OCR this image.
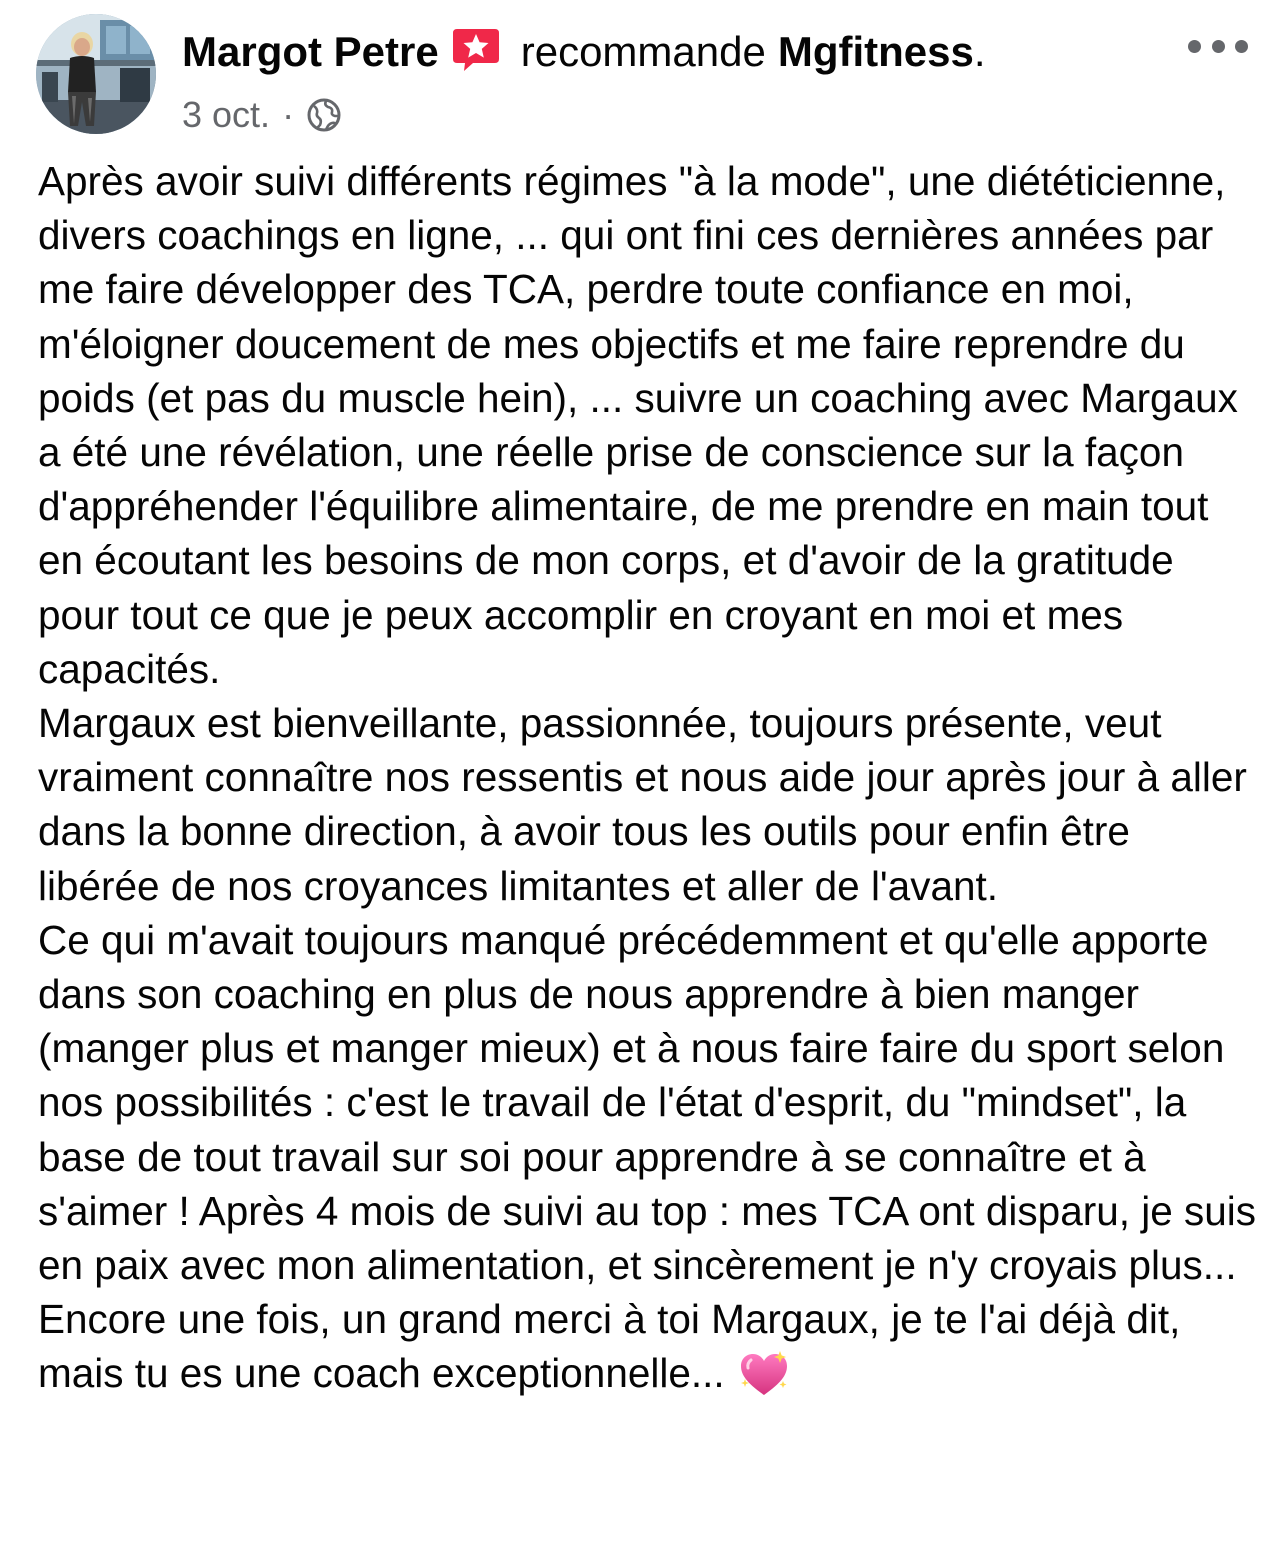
Margot Petre recommande Mgfitness .
3 oct. ·

Après avoir suivi différents régimes "à la mode", une diététicienne, divers coachings en ligne, ... qui ont fini ces dernières années par me faire développer des TCA, perdre toute confiance en moi, m'éloigner doucement de mes objectifs et me faire reprendre du poids (et pas du muscle hein), ... suivre un coaching avec Margaux a été une révélation, une réelle prise de conscience sur la façon d'appréhender l'équilibre alimentaire, de me prendre en main tout en écoutant les besoins de mon corps, et d'avoir de la gratitude pour tout ce que je peux accomplir en croyant en moi et mes capacités.

Margaux est bienveillante, passionnée, toujours présente, veut vraiment connaître nos ressentis et nous aide jour après jour à aller dans la bonne direction, à avoir tous les outils pour enfin être libérée de nos croyances limitantes et aller de l'avant.

Ce qui m'avait toujours manqué précédemment et qu'elle apporte dans son coaching en plus de nous apprendre à bien manger (manger plus et manger mieux) et à nous faire faire du sport selon nos possibilités : c'est le travail de l'état d'esprit, du "mindset", la base de tout travail sur soi pour apprendre à se connaître et à s'aimer ! Après 4 mois de suivi au top : mes TCA ont disparu, je suis en paix avec mon alimentation, et sincèrement je n'y croyais plus...

Encore une fois, un grand merci à toi Margaux, je te l'ai déjà dit, mais tu es une coach exceptionnelle...
